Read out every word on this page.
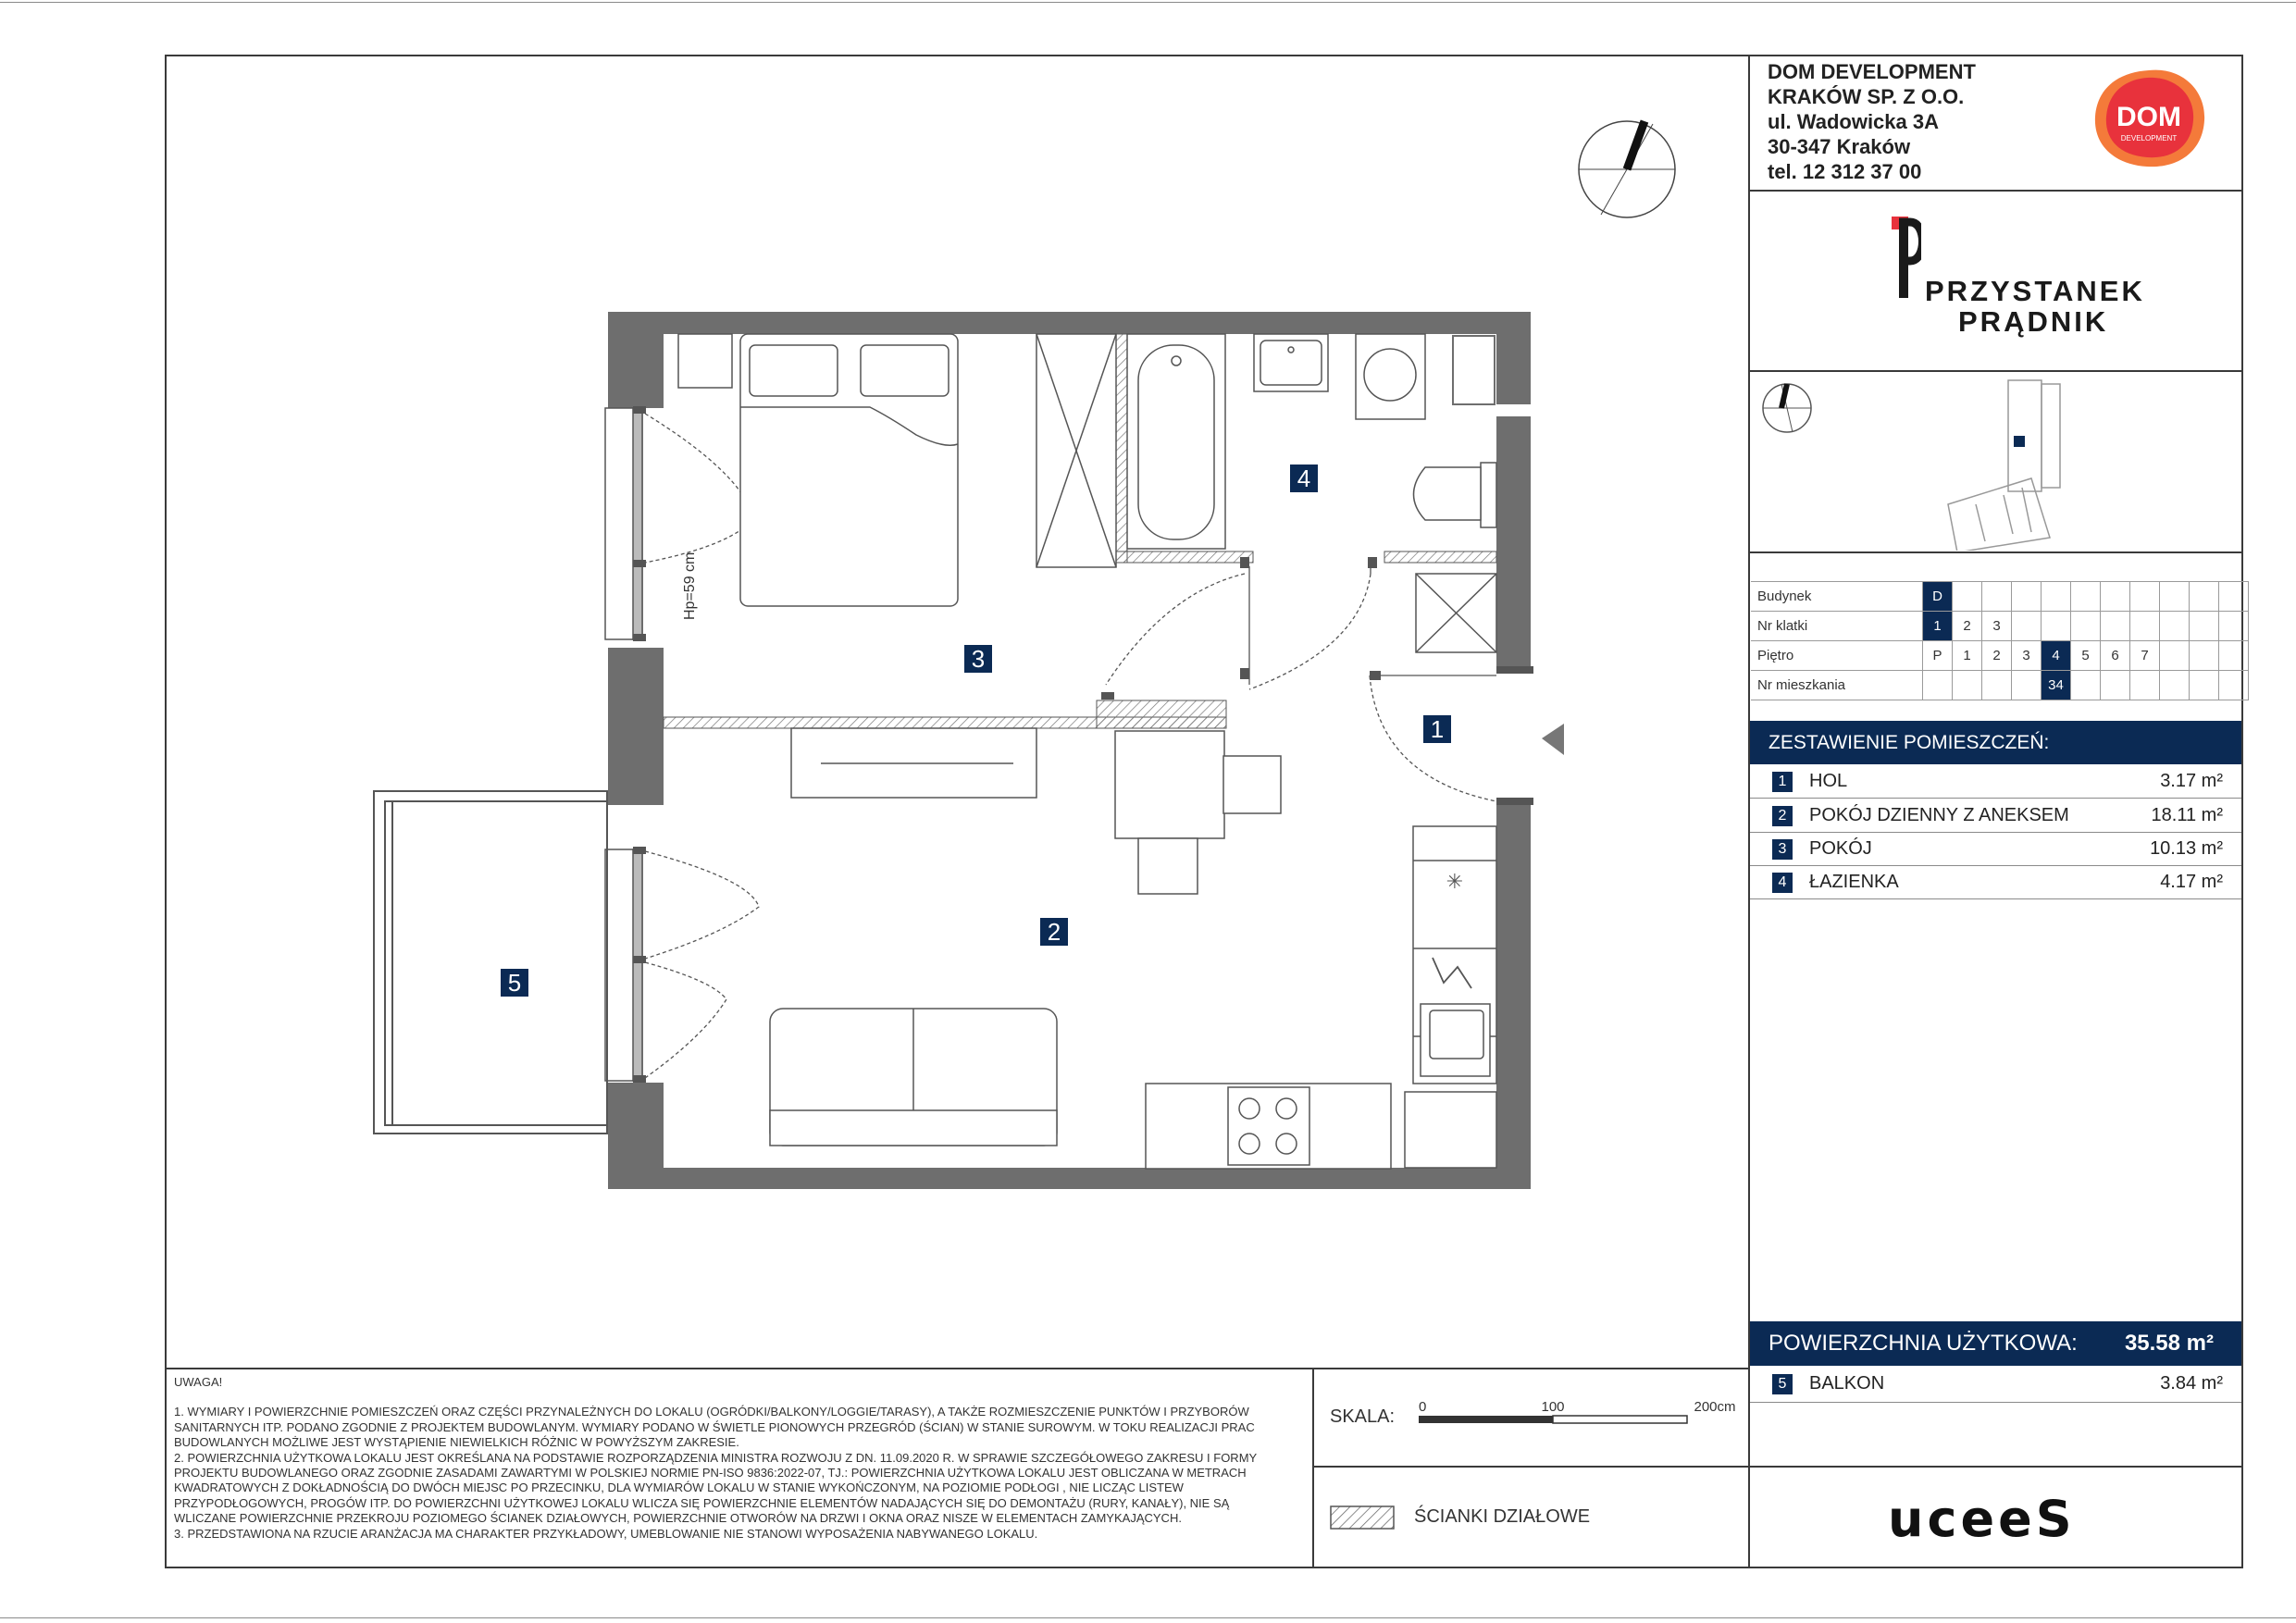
DOM DEVELOPMENT
KRAKÓW SP. Z O.O.
ul. Wadowicka 3A
30-347 Kraków
tel. 12 312 37 00
DOM
DEVELOPMENT
PRZYSTANEK
PRĄDNIK
Budynek	D										
Nr klatki	1	2	3								
Piętro	P	1	2	3	4	5	6	7			
Nr mieszkania					34						
ZESTAWIENIE POMIESZCZEŃ:
1	HOL	3.17 m²
2	POKÓJ DZIENNY Z ANEKSEM	18.11 m²
3	POKÓJ	10.13 m²
4	ŁAZIENKA	4.17 m²
POWIERZCHNIA UŻYTKOWA: 35.58 m²
5	BALKON	3.84 m²

UWAGA!

1. WYMIARY I POWIERZCHNIE POMIESZCZEŃ ORAZ CZĘŚCI PRZYNALEŻNYCH DO LOKALU (OGRÓDKI/BALKONY/LOGGIE/TARASY), A TAKŻE ROZMIESZCZENIE PUNKTÓW I PRZYBORÓW SANITARNYCH ITP. PODANO ZGODNIE Z PROJEKTEM BUDOWLANYM. WYMIARY PODANO W ŚWIETLE PIONOWYCH PRZEGRÓD (ŚCIAN) W STANIE SUROWYM. W TOKU REALIZACJI PRAC BUDOWLANYCH MOŻLIWE JEST WYSTĄPIENIE NIEWIELKICH RÓŻNIC W POWYŻSZYM ZAKRESIE.

2. POWIERZCHNIA UŻYTKOWA LOKALU JEST OKREŚLANA NA PODSTAWIE ROZPORZĄDZENIA MINISTRA ROZWOJU Z DN. 11.09.2020 R. W SPRAWIE SZCZEGÓŁOWEGO ZAKRESU I FORMY PROJEKTU BUDOWLANEGO ORAZ ZGODNIE ZASADAMI ZAWARTYMI W POLSKIEJ NORMIE PN-ISO 9836:2022-07, TJ.: POWIERZCHNIA UŻYTKOWA LOKALU JEST OBLICZANA W METRACH KWADRATOWYCH Z DOKŁADNOŚCIĄ DO DWÓCH MIEJSC PO PRZECINKU, DLA WYMIARÓW LOKALU W STANIE WYKOŃCZONYM, NA POZIOMIE PODŁOGI , NIE LICZĄC LISTEW PRZYPODŁOGOWYCH, PROGÓW ITP. DO POWIERZCHNI UŻYTKOWEJ LOKALU WLICZA SIĘ POWIERZCHNIE ELEMENTÓW NADAJĄCYCH SIĘ DO DEMONTAŻU (RURY, KANAŁY), NIE SĄ WLICZANE POWIERZCHNIE PRZEKROJU POZIOMEGO ŚCIANEK DZIAŁOWYCH, POWIERZCHNIE OTWORÓW NA DRZWI I OKNA ORAZ NISZE W ELEMENTACH ZAMYKAJĄCYCH.

3. PRZEDSTAWIONA NA RZUCIE ARANŻACJA MA CHARAKTER PRZYKŁADOWY, UMEBLOWANIE NIE STANOWI WYPOSAŻENIA NABYWANEGO LOKALU.

SKALA: 0	100	200cm
ŚCIANKI DZIAŁOWE	uceeS
Hp=59 cm
✳
1
2
3
4
5
